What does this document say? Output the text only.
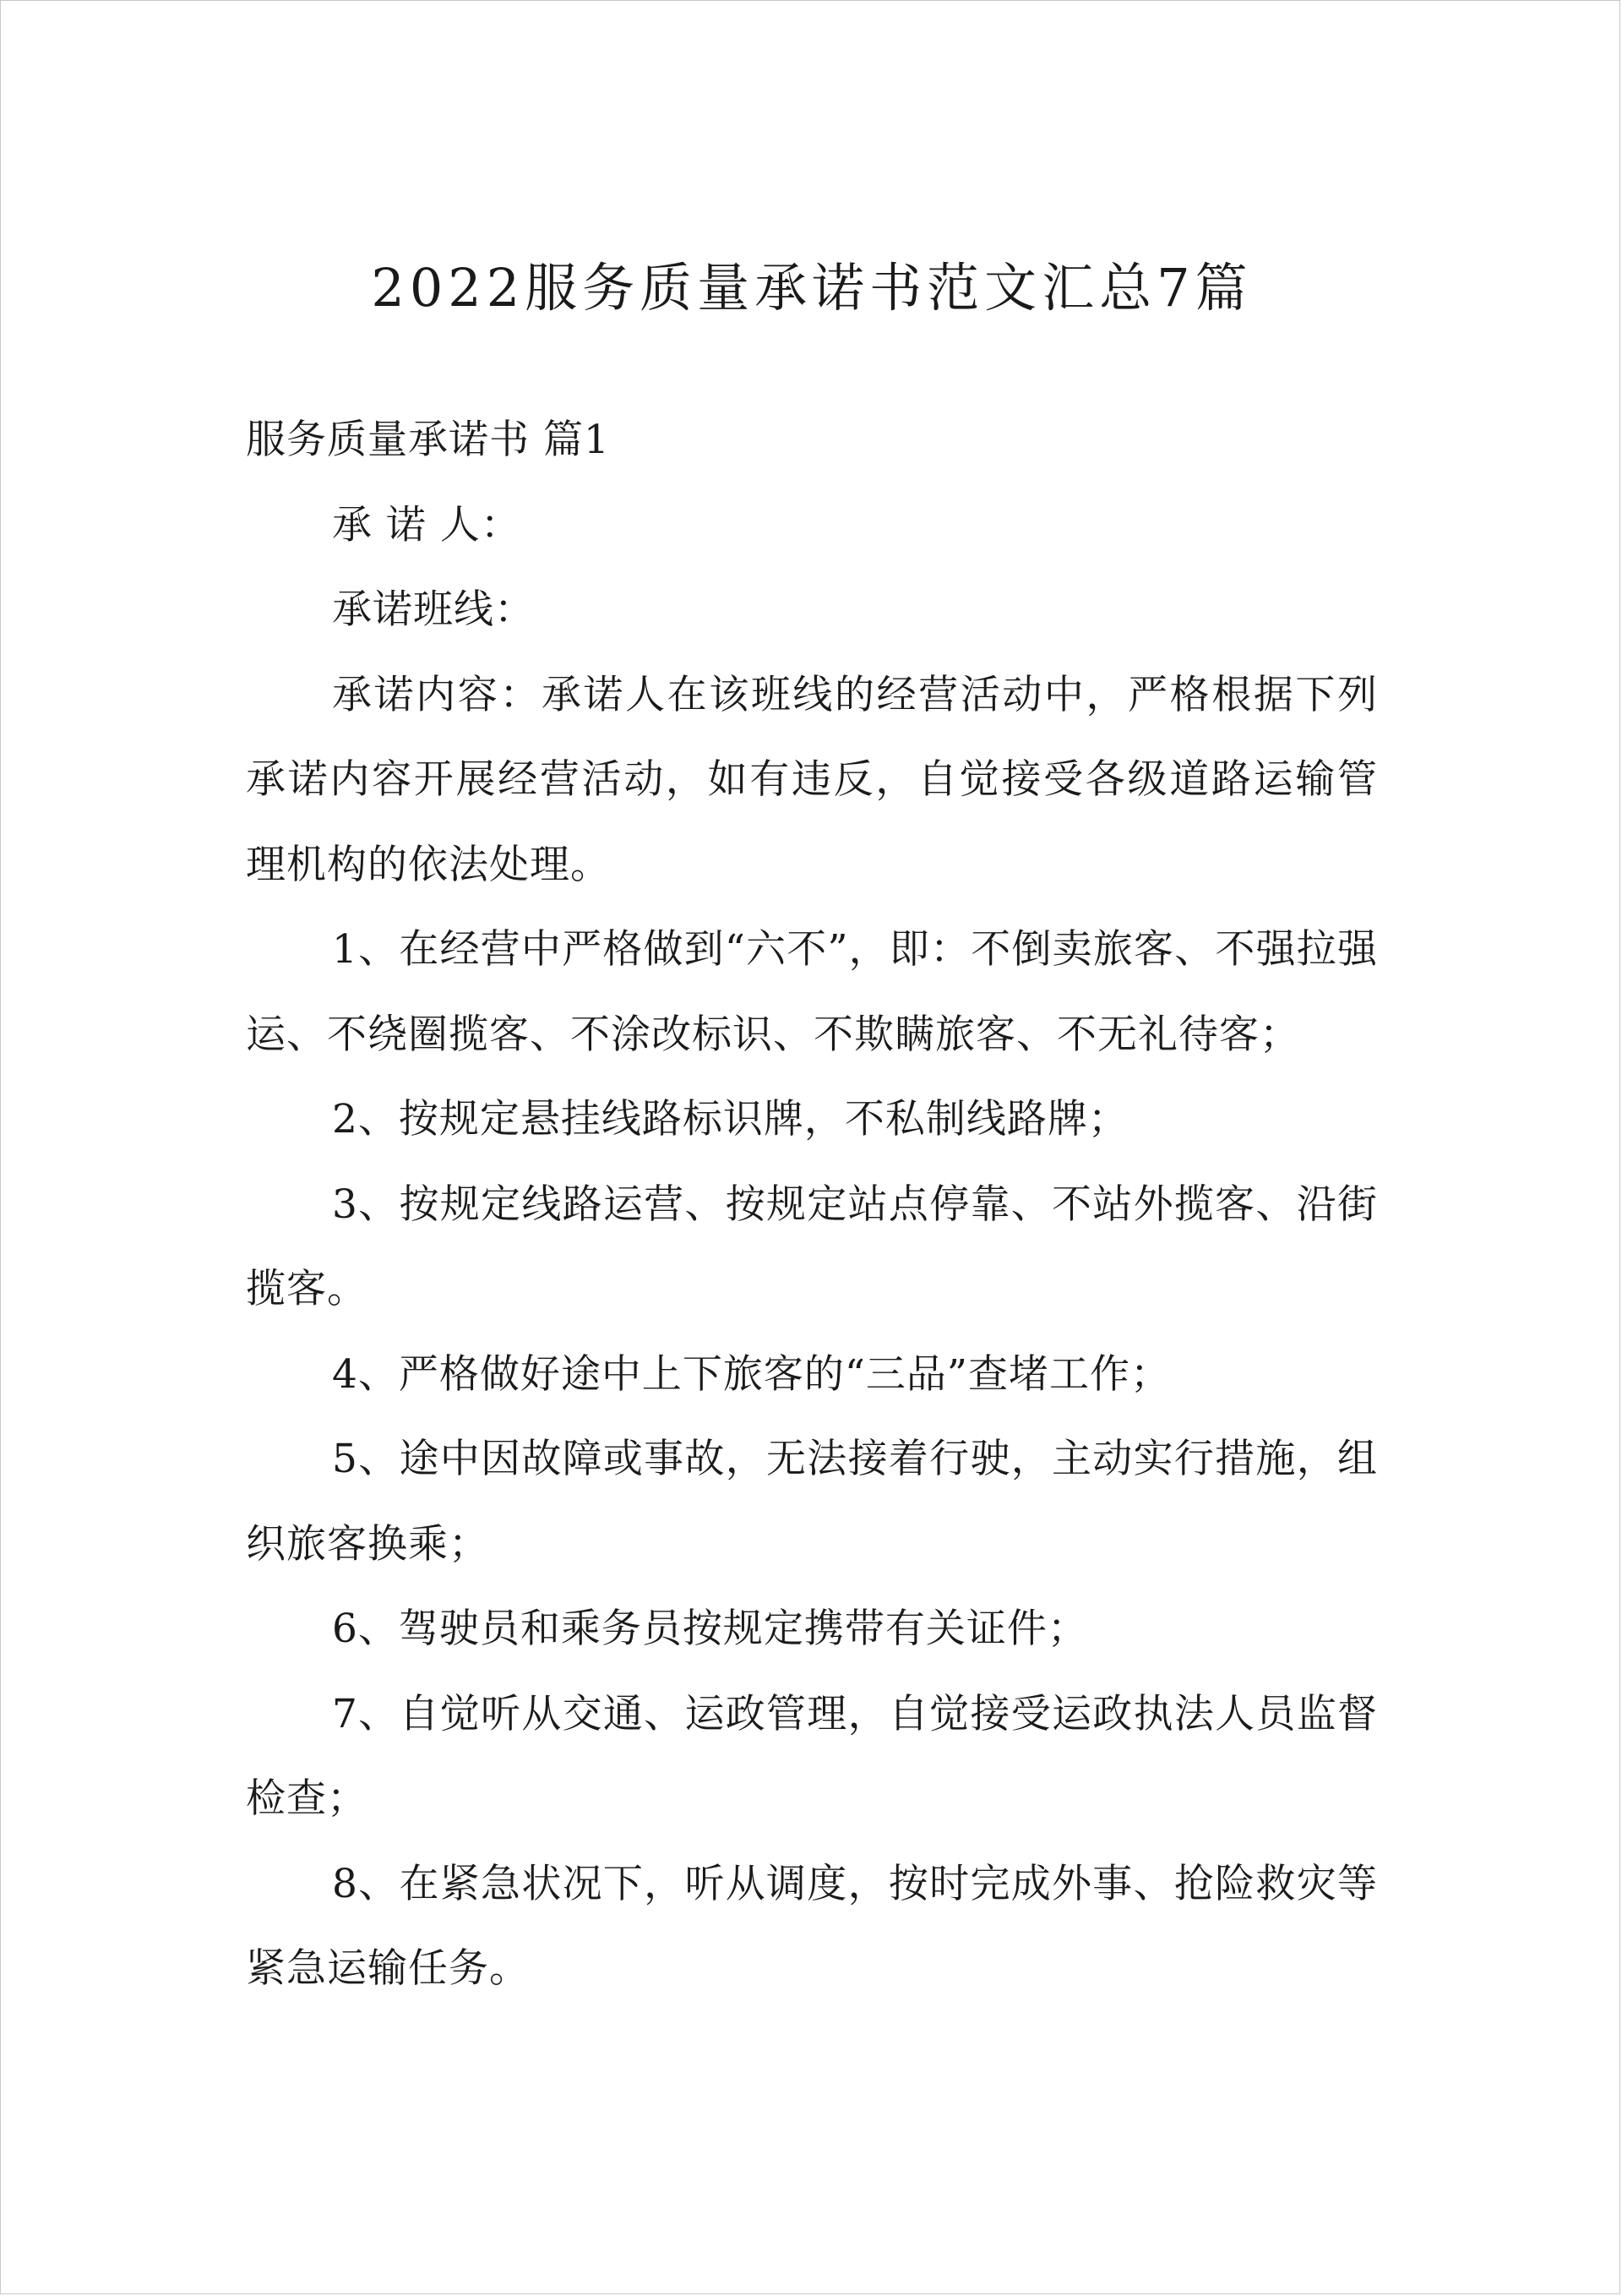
2022服务质量承诺书范文汇总7篇

服务质量承诺书 篇1

承 诺 人：

承诺班线：

承诺内容：承诺人在该班线的经营活动中，严格根据下列承诺内容开展经营活动，如有违反，自觉接受各级道路运输管理机构的依法处理。

1、在经营中严格做到“六不”，即：不倒卖旅客、不强拉强运、不绕圈揽客、不涂改标识、不欺瞒旅客、不无礼待客；

2、按规定悬挂线路标识牌，不私制线路牌；

3、按规定线路运营、按规定站点停靠、不站外揽客、沿街揽客。

4、严格做好途中上下旅客的“三品”查堵工作；

5、途中因故障或事故，无法接着行驶，主动实行措施，组织旅客换乘；

6、驾驶员和乘务员按规定携带有关证件；

7、自觉听从交通、运政管理，自觉接受运政执法人员监督检查；

8、在紧急状况下，听从调度，按时完成外事、抢险救灾等紧急运输任务。
